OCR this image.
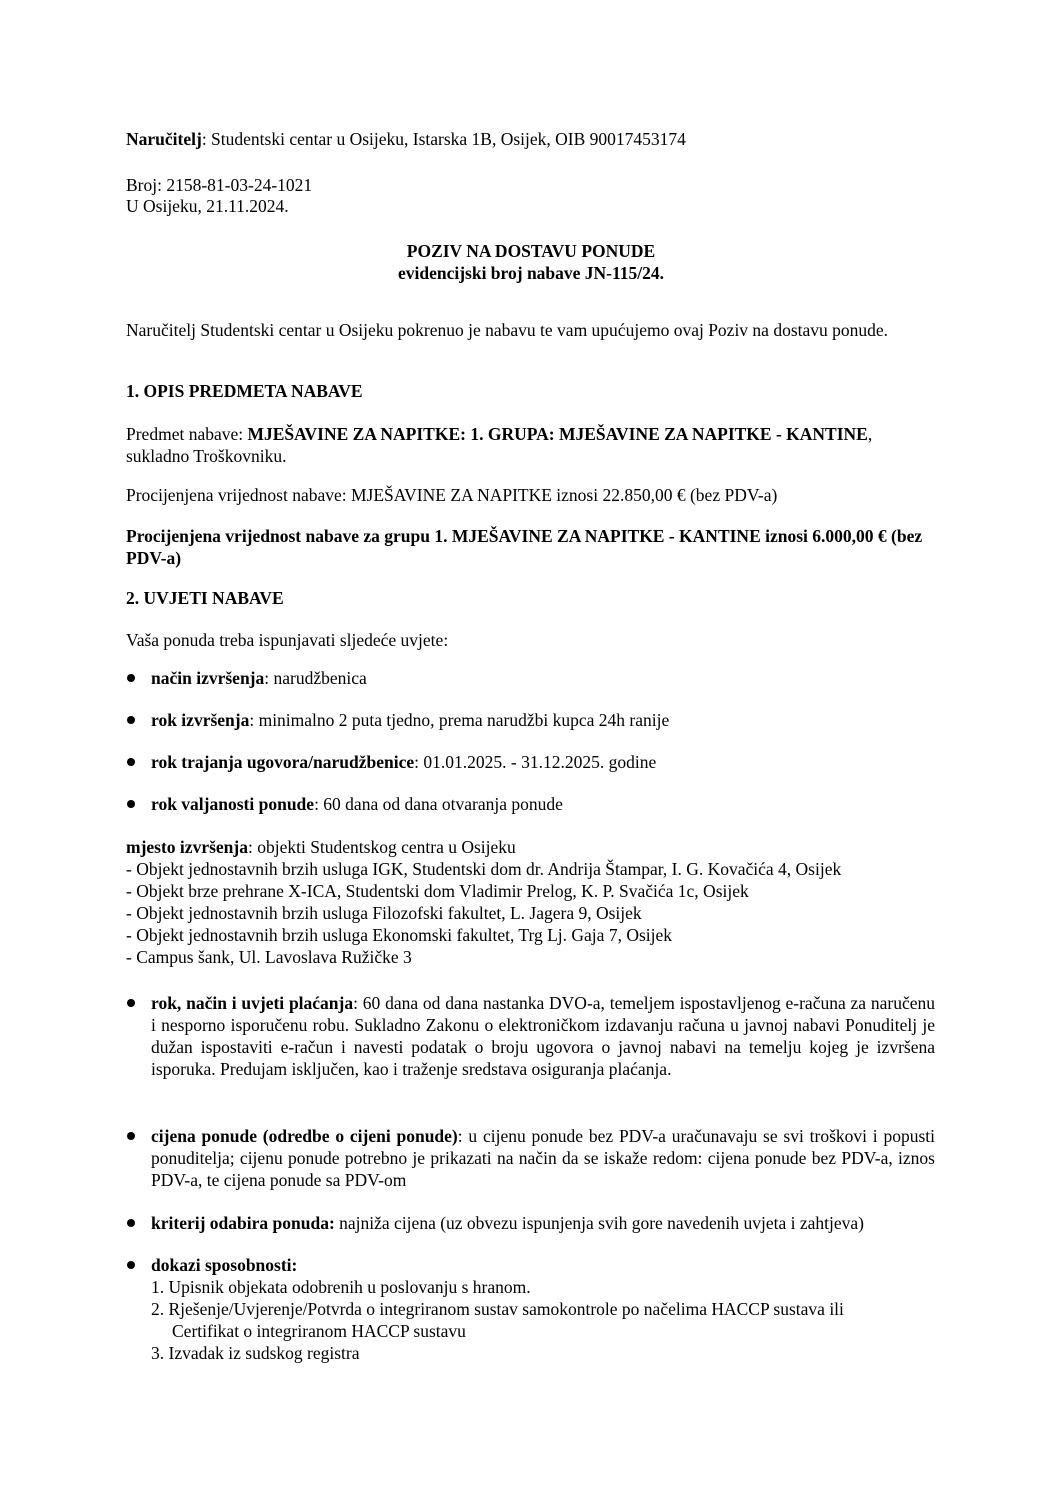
Naručitelj: Studentski centar u Osijeku, Istarska 1B, Osijek, OIB 90017453174

Broj: 2158-81-03-24-1021

U Osijeku, 21.11.2024.

POZIV NA DOSTAVU PONUDE

evidencijski broj nabave JN-115/24.

Naručitelj Studentski centar u Osijeku pokrenuo je nabavu te vam upućujemo ovaj Poziv na dostavu ponude.

1. OPIS PREDMETA NABAVE

Predmet nabave: MJEŠAVINE ZA NAPITKE: 1. GRUPA: MJEŠAVINE ZA NAPITKE - KANTINE, sukladno Troškovniku.

Procijenjena vrijednost nabave: MJEŠAVINE ZA NAPITKE iznosi 22.850,00 € (bez PDV-a)

Procijenjena vrijednost nabave za grupu 1. MJEŠAVINE ZA NAPITKE - KANTINE iznosi 6.000,00 € (bez PDV-a)

2. UVJETI NABAVE

Vaša ponuda treba ispunjavati sljedeće uvjete:

način izvršenja: narudžbenica

rok izvršenja: minimalno 2 puta tjedno, prema narudžbi kupca 24h ranije

rok trajanja ugovora/narudžbenice: 01.01.2025. - 31.12.2025. godine

rok valjanosti ponude: 60 dana od dana otvaranja ponude

mjesto izvršenja: objekti Studentskog centra u Osijeku

- Objekt jednostavnih brzih usluga IGK, Studentski dom dr. Andrija Štampar, I. G. Kovačića 4, Osijek

- Objekt brze prehrane X-ICA, Studentski dom Vladimir Prelog, K. P. Svačića 1c, Osijek

- Objekt jednostavnih brzih usluga Filozofski fakultet, L. Jagera 9, Osijek

- Objekt jednostavnih brzih usluga Ekonomski fakultet, Trg Lj. Gaja 7, Osijek

- Campus šank, Ul. Lavoslava Ružičke 3

rok, način i uvjeti plaćanja: 60 dana od dana nastanka DVO-a, temeljem ispostavljenog e-računa za naručenu i nesporno isporučenu robu. Sukladno Zakonu o elektroničkom izdavanju računa u javnoj nabavi Ponuditelj je dužan ispostaviti e-račun i navesti podatak o broju ugovora o javnoj nabavi na temelju kojeg je izvršena isporuka. Predujam isključen, kao i traženje sredstava osiguranja plaćanja.

cijena ponude (odredbe o cijeni ponude): u cijenu ponude bez PDV-a uračunavaju se svi troškovi i popusti ponuditelja; cijenu ponude potrebno je prikazati na način da se iskaže redom: cijena ponude bez PDV-a, iznos PDV-a, te cijena ponude sa PDV-om

kriterij odabira ponuda: najniža cijena (uz obvezu ispunjenja svih gore navedenih uvjeta i zahtjeva)

dokazi sposobnosti:

1. Upisnik objekata odobrenih u poslovanju s hranom.

2. Rješenje/Uvjerenje/Potvrda o integriranom sustav samokontrole po načelima HACCP sustava ili

Certifikat o integriranom HACCP sustavu

3. Izvadak iz sudskog registra
